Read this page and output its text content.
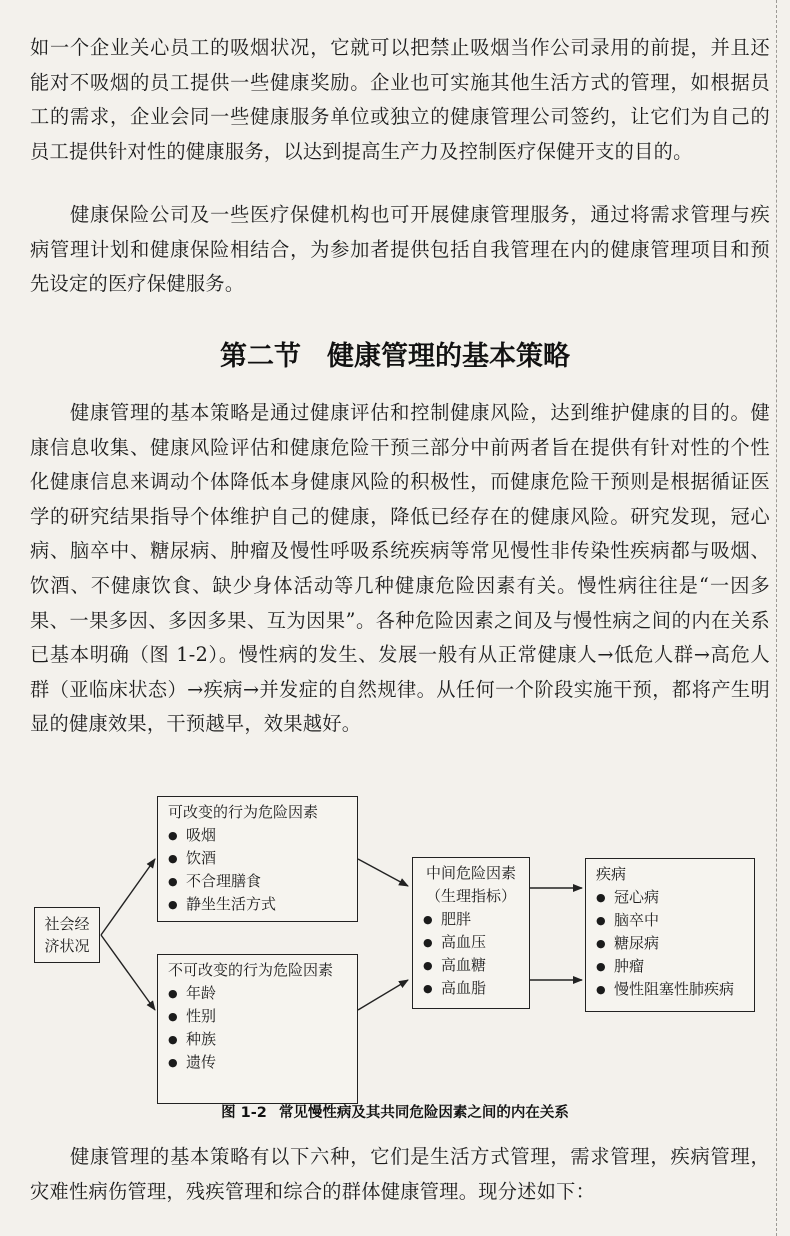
如一个企业关心员工的吸烟状况，它就可以把禁止吸烟当作公司录用的前提，并且还能对不吸烟的员工提供一些健康奖励。企业也可实施其他生活方式的管理，如根据员工的需求，企业会同一些健康服务单位或独立的健康管理公司签约，让它们为自己的员工提供针对性的健康服务，以达到提高生产力及控制医疗保健开支的目的。

健康保险公司及一些医疗保健机构也可开展健康管理服务，通过将需求管理与疾病管理计划和健康保险相结合，为参加者提供包括自我管理在内的健康管理项目和预先设定的医疗保健服务。

第二节 健康管理的基本策略

健康管理的基本策略是通过健康评估和控制健康风险，达到维护健康的目的。健康信息收集、健康风险评估和健康危险干预三部分中前两者旨在提供有针对性的个性化健康信息来调动个体降低本身健康风险的积极性，而健康危险干预则是根据循证医学的研究结果指导个体维护自己的健康，降低已经存在的健康风险。研究发现，冠心病、脑卒中、糖尿病、肿瘤及慢性呼吸系统疾病等常见慢性非传染性疾病都与吸烟、饮酒、不健康饮食、缺少身体活动等几种健康危险因素有关。慢性病往往是“一因多果、一果多因、多因多果、互为因果”。各种危险因素之间及与慢性病之间的内在关系已基本明确（图 1-2）。慢性病的发生、发展一般有从正常健康人→低危人群→高危人群（亚临床状态）→疾病→并发症的自然规律。从任何一个阶段实施干预，都将产生明显的健康效果，干预越早，效果越好。

社会经济状况
可改变的行为危险因素
● 吸烟
● 饮酒
● 不合理膳食
● 静坐生活方式
不可改变的行为危险因素
● 年龄
● 性别
● 种族
● 遗传
中间危险因素
（生理指标）
● 肥胖
● 高血压
● 高血糖
● 高血脂
疾病
● 冠心病
● 脑卒中
● 糖尿病
● 肿瘤
● 慢性阻塞性肺疾病

图 1-2 常见慢性病及其共同危险因素之间的内在关系

健康管理的基本策略有以下六种，它们是生活方式管理，需求管理，疾病管理，灾难性病伤管理，残疾管理和综合的群体健康管理。现分述如下：
